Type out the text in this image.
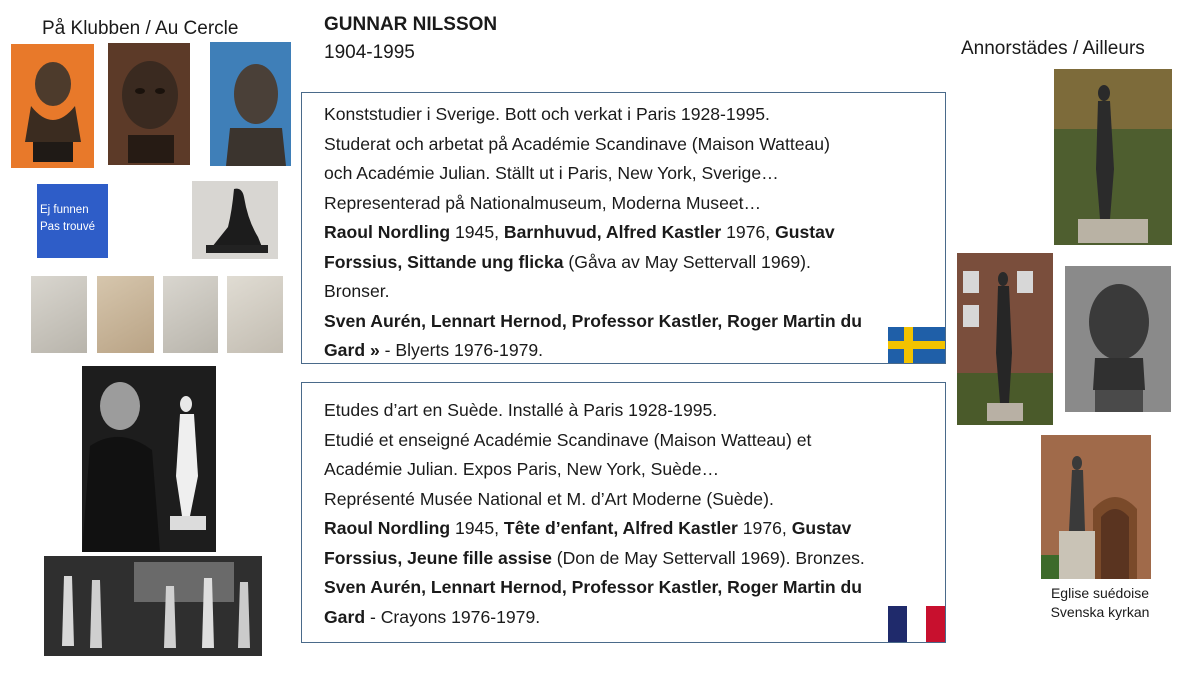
På Klubben / Au Cercle	GUNNAR NILSSON
1904-1995	Annorstädes / Ailleurs
Ej funnen
Pas trouvé

Konststudier i Sverige. Bott och verkat i Paris 1928-1995.

Studerat och arbetat på Académie Scandinave (Maison Watteau)

och Académie Julian. Ställt ut i Paris, New York, Sverige…

Representerad på Nationalmuseum, Moderna Museet…

Raoul Nordling 1945, Barnhuvud, Alfred Kastler 1976, Gustav

Forssius, Sittande ung flicka (Gåva av May Settervall 1969).

Bronser.

Sven Aurén, Lennart Hernod, Professor Kastler, Roger Martin du

Gard » - Blyerts 1976-1979.

Etudes d’art en Suède. Installé à Paris 1928-1995.

Etudié et enseigné Académie Scandinave (Maison Watteau) et

Académie Julian. Expos Paris, New York, Suède…

Représenté Musée National et M. d’Art Moderne (Suède).

Raoul Nordling 1945, Tête d’enfant, Alfred Kastler 1976, Gustav

Forssius, Jeune fille assise (Don de May Settervall 1969). Bronzes.

Sven Aurén, Lennart Hernod, Professor Kastler, Roger Martin du

Gard - Crayons 1976-1979.

Eglise suédoise
Svenska kyrkan
